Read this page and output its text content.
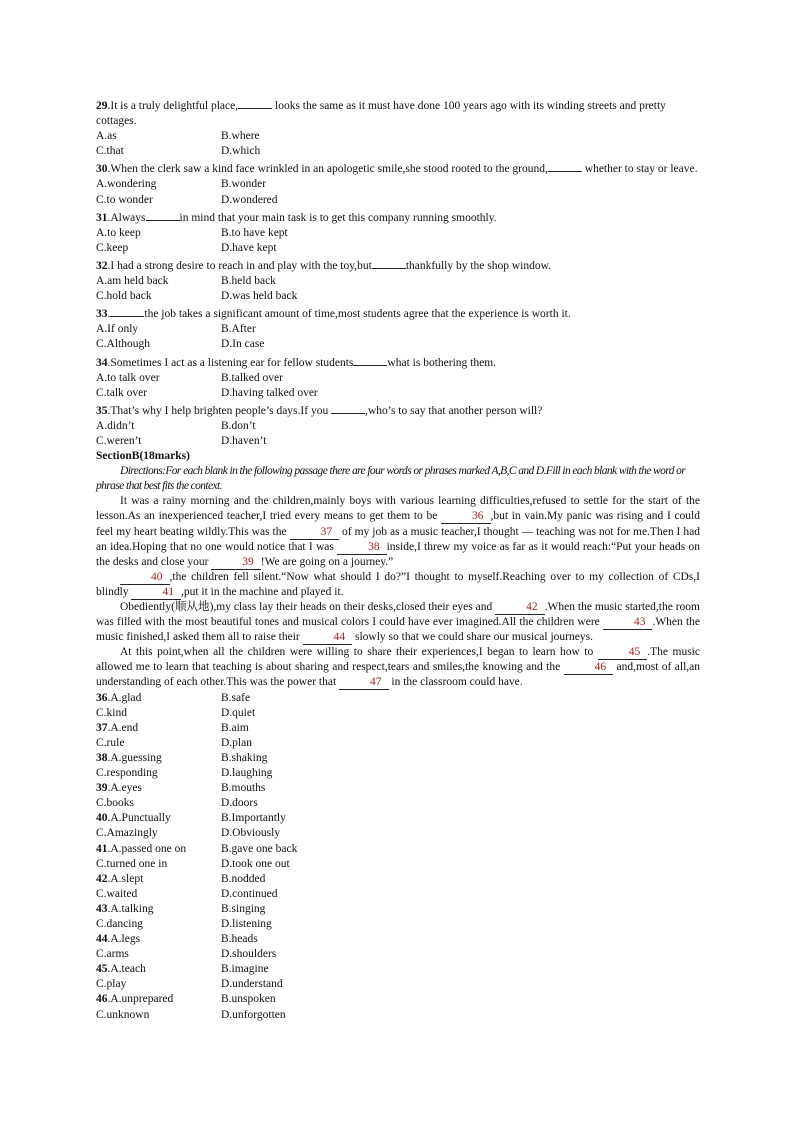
29.It is a truly delightful place,	looks the same as it must have done 100 years ago with its winding streets and pretty cottages.

A.as	B.where
C.that	D.which

30.When the clerk saw a kind face wrinkled in an apologetic smile,she stood rooted to the ground,	whether to stay or leave.

A.wondering	B.wonder
C.to wonder	D.wondered

31.Always	in mind that your main task is to get this company running smoothly.

A.to keep	B.to have kept
C.keep	D.have kept

32.I had a strong desire to reach in and play with the toy,but	thankfully by the shop window.

A.am held back	B.held back
C.hold back	D.was held back

33.	the job takes a significant amount of time,most students agree that the experience is worth it.

A.If only	B.After
C.Although	D.In case

34.Sometimes I act as a listening ear for fellow students	what is bothering them.

A.to talk over	B.talked over
C.talk over	D.having talked over

35.That’s why I help brighten people’s days.If you	,who’s to say that another person will?

A.didn’t	B.don’t
C.weren’t	D.haven’t

SectionB(18marks)

Directions:For each blank in the following passage there are four words or phrases marked A,B,C and D.Fill in each blank with the word or phrase that best fits the context.

It was a rainy morning and the children,mainly boys with various learning difficulties,refused to settle for the start of the lesson.As an inexperienced teacher,I tried every means to get them to be	36 ,but in vain.My panic was rising and I could feel my heart beating wildly.This was the	37 of my job as a music teacher,I thought — teaching was not for me.Then I had an idea.Hoping that no one would notice that I was	38 inside,I threw my voice as far as it would reach:“Put your heads on the desks and close your	39 !We are going on a journey.”

40 ,the children fell silent.“Now what should I do?”I thought to myself.Reaching over to my collection of CDs,I blindly	41 ,put it in the machine and played it.

Obediently(顺从地),my class lay their heads on their desks,closed their eyes and	42 .When the music started,the room was filled with the most beautiful tones and musical colors I could have ever imagined.All the children were	43 .When the music finished,I asked them all to raise their	44 slowly so that we could share our musical journeys.

At this point,when all the children were willing to share their experiences,I began to learn how to	45 .The music allowed me to learn that teaching is about sharing and respect,tears and smiles,the knowing and the	46 and,most of all,an understanding of each other.This was the power that	47 in the classroom could have.

36.A.glad	B.safe
C.kind	D.quiet
37.A.end	B.aim
C.rule	D.plan
38.A.guessing	B.shaking
C.responding	D.laughing
39.A.eyes	B.mouths
C.books	D.doors
40.A.Punctually	B.Importantly
C.Amazingly	D.Obviously
41.A.passed one on	B.gave one back
C.turned one in	D.took one out
42.A.slept	B.nodded
C.waited	D.continued
43.A.talking	B.singing
C.dancing	D.listening
44.A.legs	B.heads
C.arms	D.shoulders
45.A.teach	B.imagine
C.play	D.understand
46.A.unprepared	B.unspoken
C.unknown	D.unforgotten
